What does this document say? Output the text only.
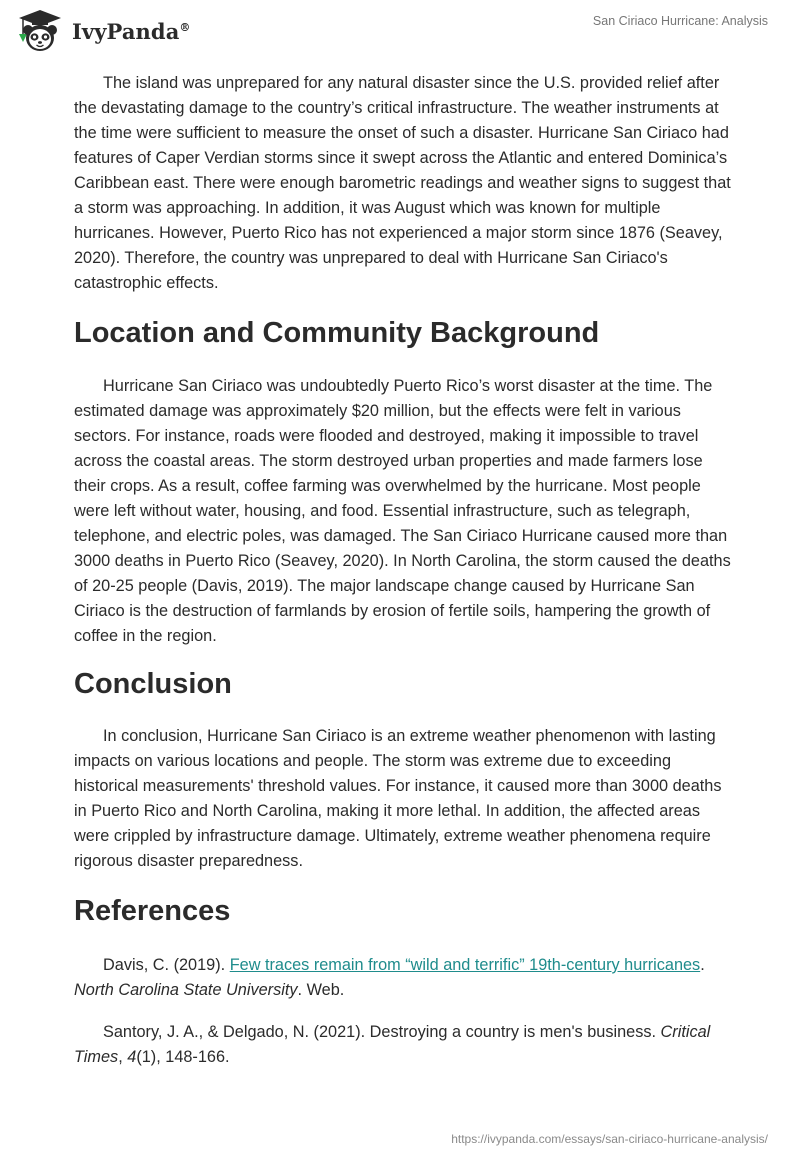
IvyPanda®	San Ciriaco Hurricane: Analysis

The island was unprepared for any natural disaster since the U.S. provided relief after the devastating damage to the country’s critical infrastructure. The weather instruments at the time were sufficient to measure the onset of such a disaster. Hurricane San Ciriaco had features of Caper Verdian storms since it swept across the Atlantic and entered Dominica’s Caribbean east. There were enough barometric readings and weather signs to suggest that a storm was approaching. In addition, it was August which was known for multiple hurricanes. However, Puerto Rico has not experienced a major storm since 1876 (Seavey, 2020). Therefore, the country was unprepared to deal with Hurricane San Ciriaco's catastrophic effects.

Location and Community Background

Hurricane San Ciriaco was undoubtedly Puerto Rico’s worst disaster at the time. The estimated damage was approximately $20 million, but the effects were felt in various sectors. For instance, roads were flooded and destroyed, making it impossible to travel across the coastal areas. The storm destroyed urban properties and made farmers lose their crops. As a result, coffee farming was overwhelmed by the hurricane. Most people were left without water, housing, and food. Essential infrastructure, such as telegraph, telephone, and electric poles, was damaged. The San Ciriaco Hurricane caused more than 3000 deaths in Puerto Rico (Seavey, 2020). In North Carolina, the storm caused the deaths of 20-25 people (Davis, 2019). The major landscape change caused by Hurricane San Ciriaco is the destruction of farmlands by erosion of fertile soils, hampering the growth of coffee in the region.

Conclusion

In conclusion, Hurricane San Ciriaco is an extreme weather phenomenon with lasting impacts on various locations and people. The storm was extreme due to exceeding historical measurements' threshold values. For instance, it caused more than 3000 deaths in Puerto Rico and North Carolina, making it more lethal. In addition, the affected areas were crippled by infrastructure damage. Ultimately, extreme weather phenomena require rigorous disaster preparedness.

References

Davis, C. (2019). Few traces remain from “wild and terrific” 19th-century hurricanes. North Carolina State University. Web.

Santory, J. A., & Delgado, N. (2021). Destroying a country is men's business. Critical Times, 4(1), 148-166.

https://ivypanda.com/essays/san-ciriaco-hurricane-analysis/
